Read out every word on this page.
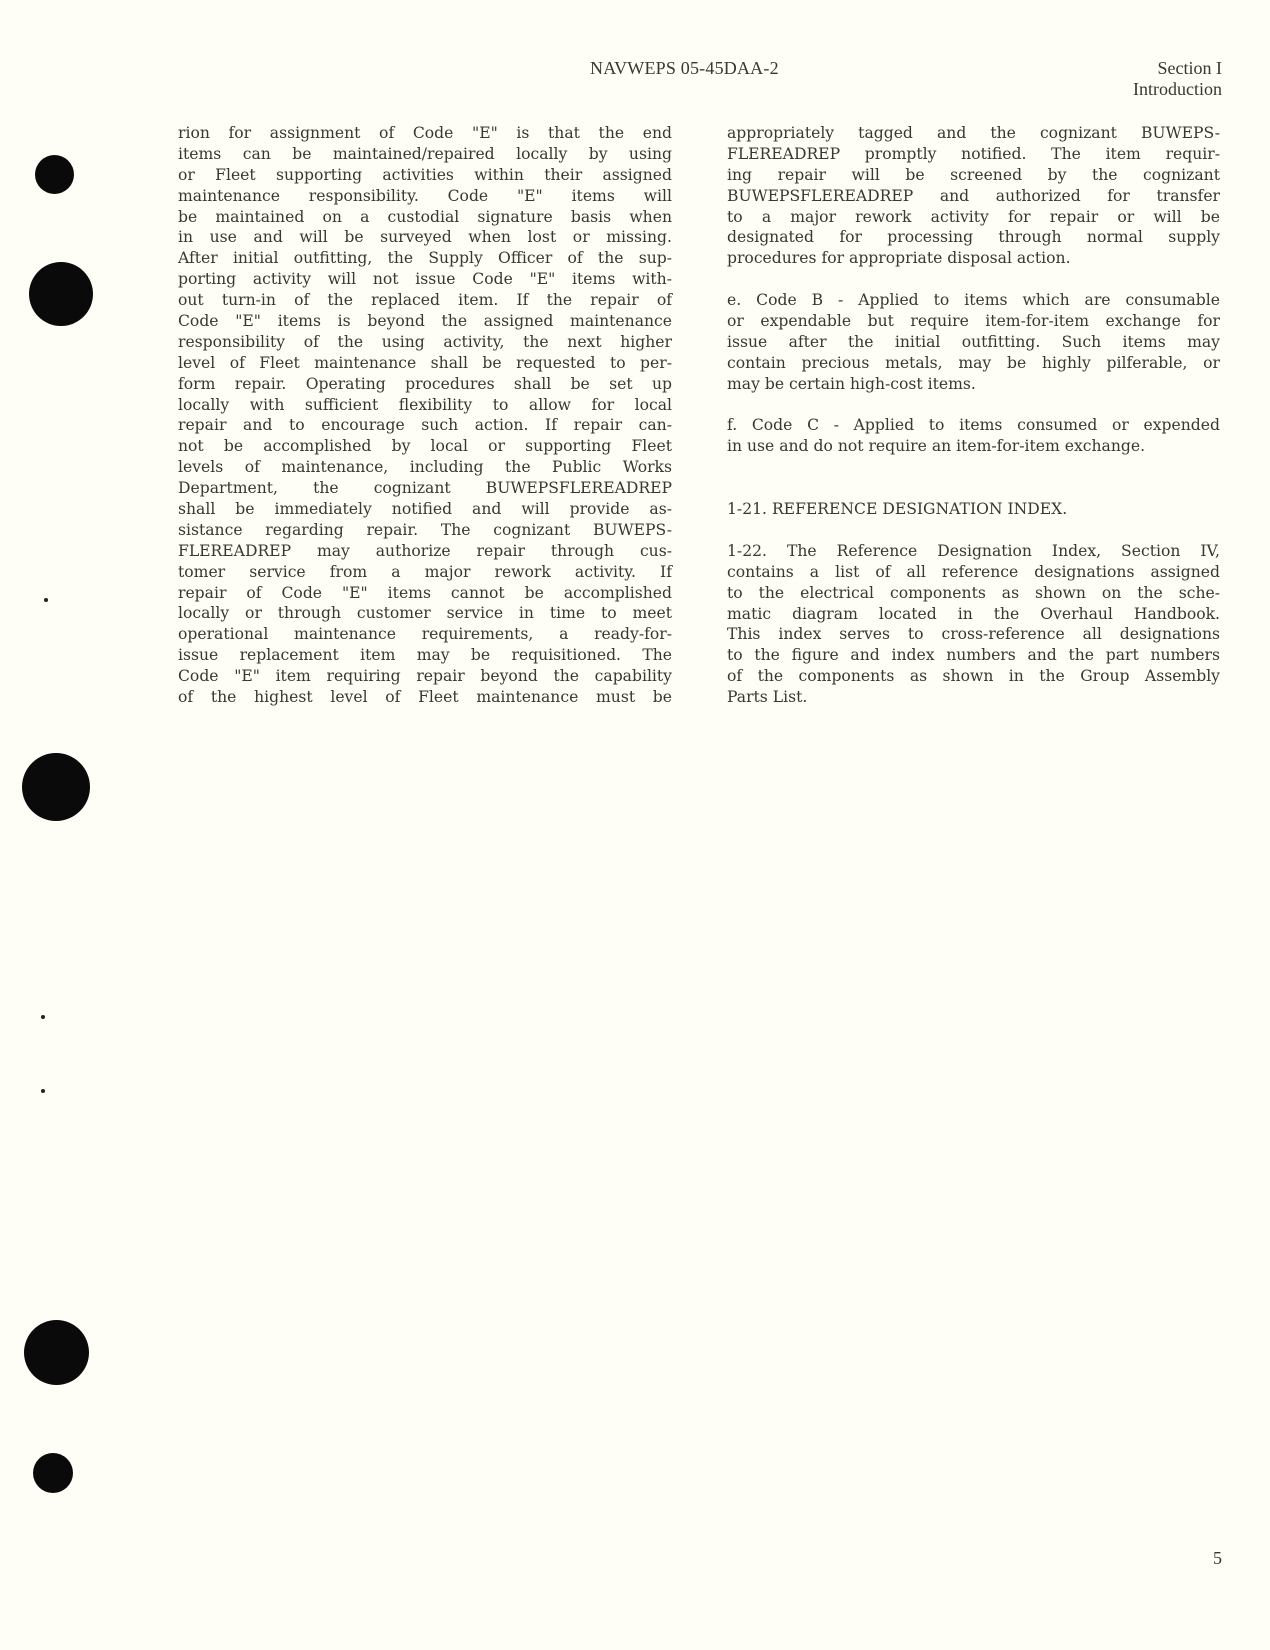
NAVWEPS 05-45DAA-2	Section I
Introduction
rion for assignment of Code "E" is that the end
items can be maintained/repaired locally by using
or Fleet supporting activities within their assigned
maintenance responsibility. Code "E" items will
be maintained on a custodial signature basis when
in use and will be surveyed when lost or missing.
After initial outfitting, the Supply Officer of the sup-
porting activity will not issue Code "E" items with-
out turn-in of the replaced item. If the repair of
Code "E" items is beyond the assigned maintenance
responsibility of the using activity, the next higher
level of Fleet maintenance shall be requested to per-
form repair. Operating procedures shall be set up
locally with sufficient flexibility to allow for local
repair and to encourage such action. If repair can-
not be accomplished by local or supporting Fleet
levels of maintenance, including the Public Works
Department, the cognizant BUWEPSFLEREADREP
shall be immediately notified and will provide as-
sistance regarding repair. The cognizant BUWEPS-
FLEREADREP may authorize repair through cus-
tomer service from a major rework activity. If
repair of Code "E" items cannot be accomplished
locally or through customer service in time to meet
operational maintenance requirements, a ready-for-
issue replacement item may be requisitioned. The
Code "E" item requiring repair beyond the capability
of the highest level of Fleet maintenance must be
appropriately tagged and the cognizant BUWEPS-
FLEREADREP promptly notified. The item requir-
ing repair will be screened by the cognizant
BUWEPSFLEREADREP and authorized for transfer
to a major rework activity for repair or will be
designated for processing through normal supply
procedures for appropriate disposal action.
e. Code B - Applied to items which are consumable
or expendable but require item-for-item exchange for
issue after the initial outfitting. Such items may
contain precious metals, may be highly pilferable, or
may be certain high-cost items.
f. Code C - Applied to items consumed or expended
in use and do not require an item-for-item exchange.
1-21. REFERENCE DESIGNATION INDEX.
1-22. The Reference Designation Index, Section IV,
contains a list of all reference designations assigned
to the electrical components as shown on the sche-
matic diagram located in the Overhaul Handbook.
This index serves to cross-reference all designations
to the figure and index numbers and the part numbers
of the components as shown in the Group Assembly
Parts List.
5
